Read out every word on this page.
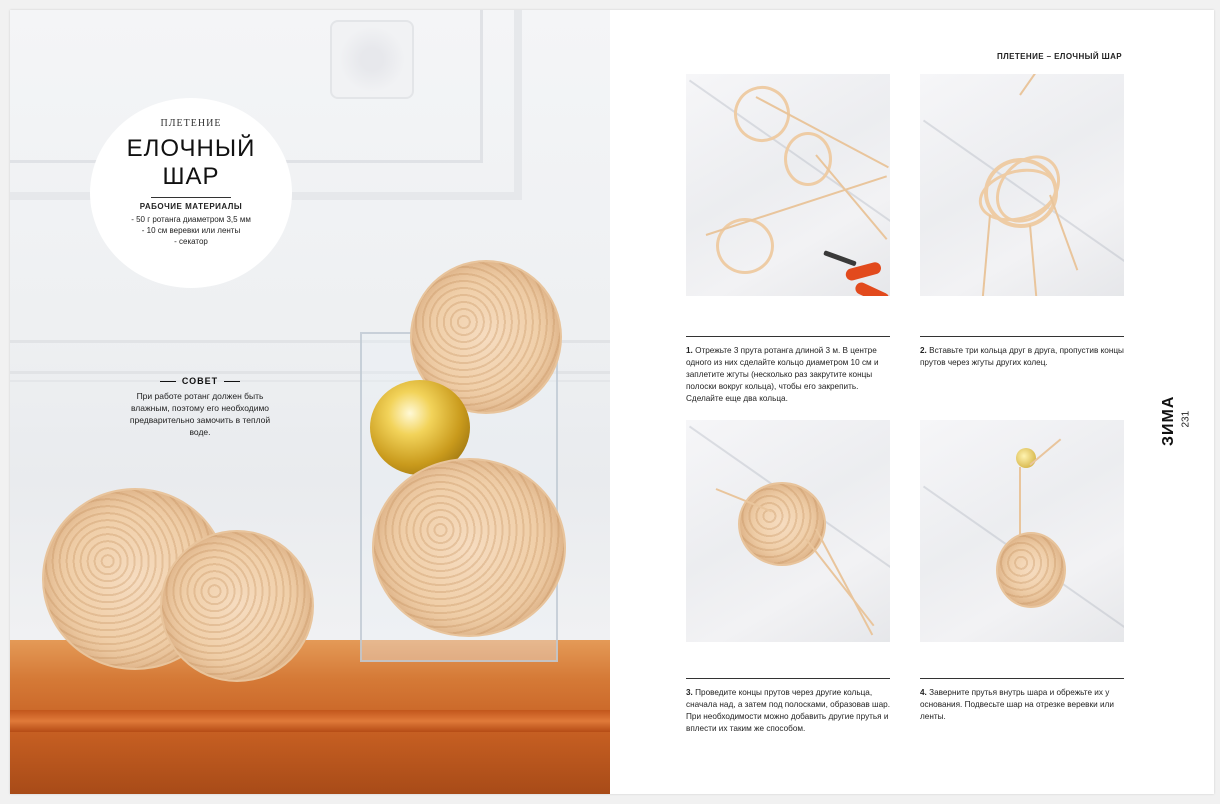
ПЛЕТЕНИЕ
ЕЛОЧНЫЙ
ШАР
РАБОЧИЕ МАТЕРИАЛЫ
- 50 г ротанга диаметром 3,5 мм
- 10 см веревки или ленты
- секатор
СОВЕТ
При работе ротанг должен быть влажным, поэтому его необходимо предварительно замочить в теплой воде.
ПЛЕТЕНИЕ – ЕЛОЧНЫЙ ШАР
1. Отрежьте 3 прута ротанга длиной 3 м. В центре одного из них сделайте кольцо диаметром 10 см и заплетите жгуты (несколько раз закрутите концы полоски вокруг кольца), чтобы его закрепить. Сделайте еще два кольца.
2. Вставьте три кольца друг в друга, пропустив концы прутов через жгуты других колец.
3. Проведите концы прутов через другие кольца, сначала над, а затем под полосками, образовав шар. При необходимости можно добавить другие прутья и вплести их таким же способом.
4. Заверните прутья внутрь шара и обрежьте их у основания. Подвесьте шар на отрезке веревки или ленты.
ЗИМА 231
